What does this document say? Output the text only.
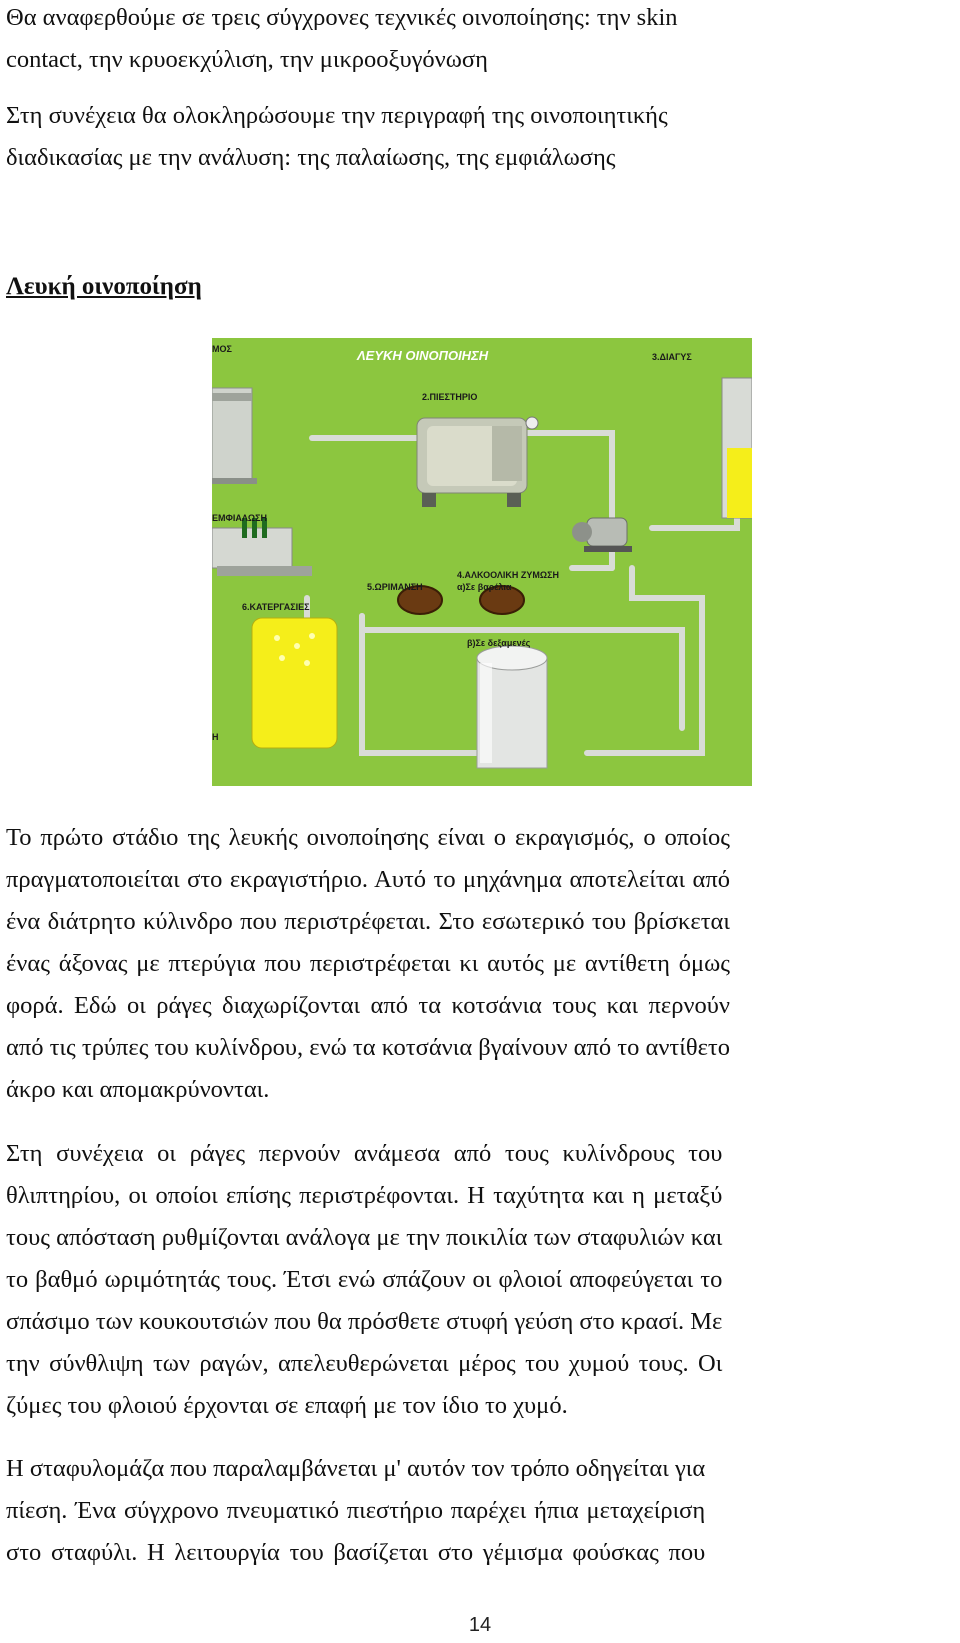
Θα αναφερθούμε σε τρεις σύγχρονες τεχνικές οινοποίησης: την skin
contact, την κρυοεκχύλιση, την μικροοξυγόνωση
Στη συνέχεια θα ολοκληρώσουμε την περιγραφή της οινοποιητικής
διαδικασίας με την ανάλυση: της παλαίωσης, της εμφιάλωσης
Λευκή οινοποίηση
ΛΕΥΚΗ ΟΙΝΟΠΟΙΗΣΗ
ΜΟΣ
2.ΠΙΕΣΤΗΡΙΟ
3.ΔΙΑΓΥΣ
ΕΜΦΙΑΛΩΣΗ
4.ΑΛΚΟΟΛΙΚΗ ΖΥΜΩΣΗ
5.ΩΡΙΜΑΝΣΗ	α)Σε βαρέλια
6.ΚΑΤΕΡΓΑΣΙΕΣ
β)Σε δεξαμενές
Η
Το πρώτο στάδιο της λευκής οινοποίησης είναι ο εκραγισμός, ο οποίος
πραγματοποιείται στο εκραγιστήριο. Αυτό το μηχάνημα αποτελείται από
ένα διάτρητο κύλινδρο που περιστρέφεται. Στο εσωτερικό του βρίσκεται
ένας άξονας με πτερύγια που περιστρέφεται κι αυτός με αντίθετη όμως
φορά. Εδώ οι ράγες διαχωρίζονται από τα κοτσάνια τους και περνούν
από τις τρύπες του κυλίνδρου, ενώ τα κοτσάνια βγαίνουν από το αντίθετο
άκρο και απομακρύνονται.
Στη συνέχεια οι ράγες περνούν ανάμεσα από τους κυλίνδρους του
θλιπτηρίου, οι οποίοι επίσης περιστρέφονται. Η ταχύτητα και η μεταξύ
τους απόσταση ρυθμίζονται ανάλογα με την ποικιλία των σταφυλιών και
το βαθμό ωριμότητάς τους. Έτσι ενώ σπάζουν οι φλοιοί αποφεύγεται το
σπάσιμο των κουκουτσιών που θα πρόσθετε στυφή γεύση στο κρασί. Με
την σύνθλιψη των ραγών, απελευθερώνεται μέρος του χυμού τους. Οι
ζύμες του φλοιού έρχονται σε επαφή με τον ίδιο το χυμό.
Η σταφυλομάζα που παραλαμβάνεται μ' αυτόν τον τρόπο οδηγείται για
πίεση. Ένα σύγχρονο πνευματικό πιεστήριο παρέχει ήπια μεταχείριση
στο σταφύλι. Η λειτουργία του βασίζεται στο γέμισμα φούσκας που
14
